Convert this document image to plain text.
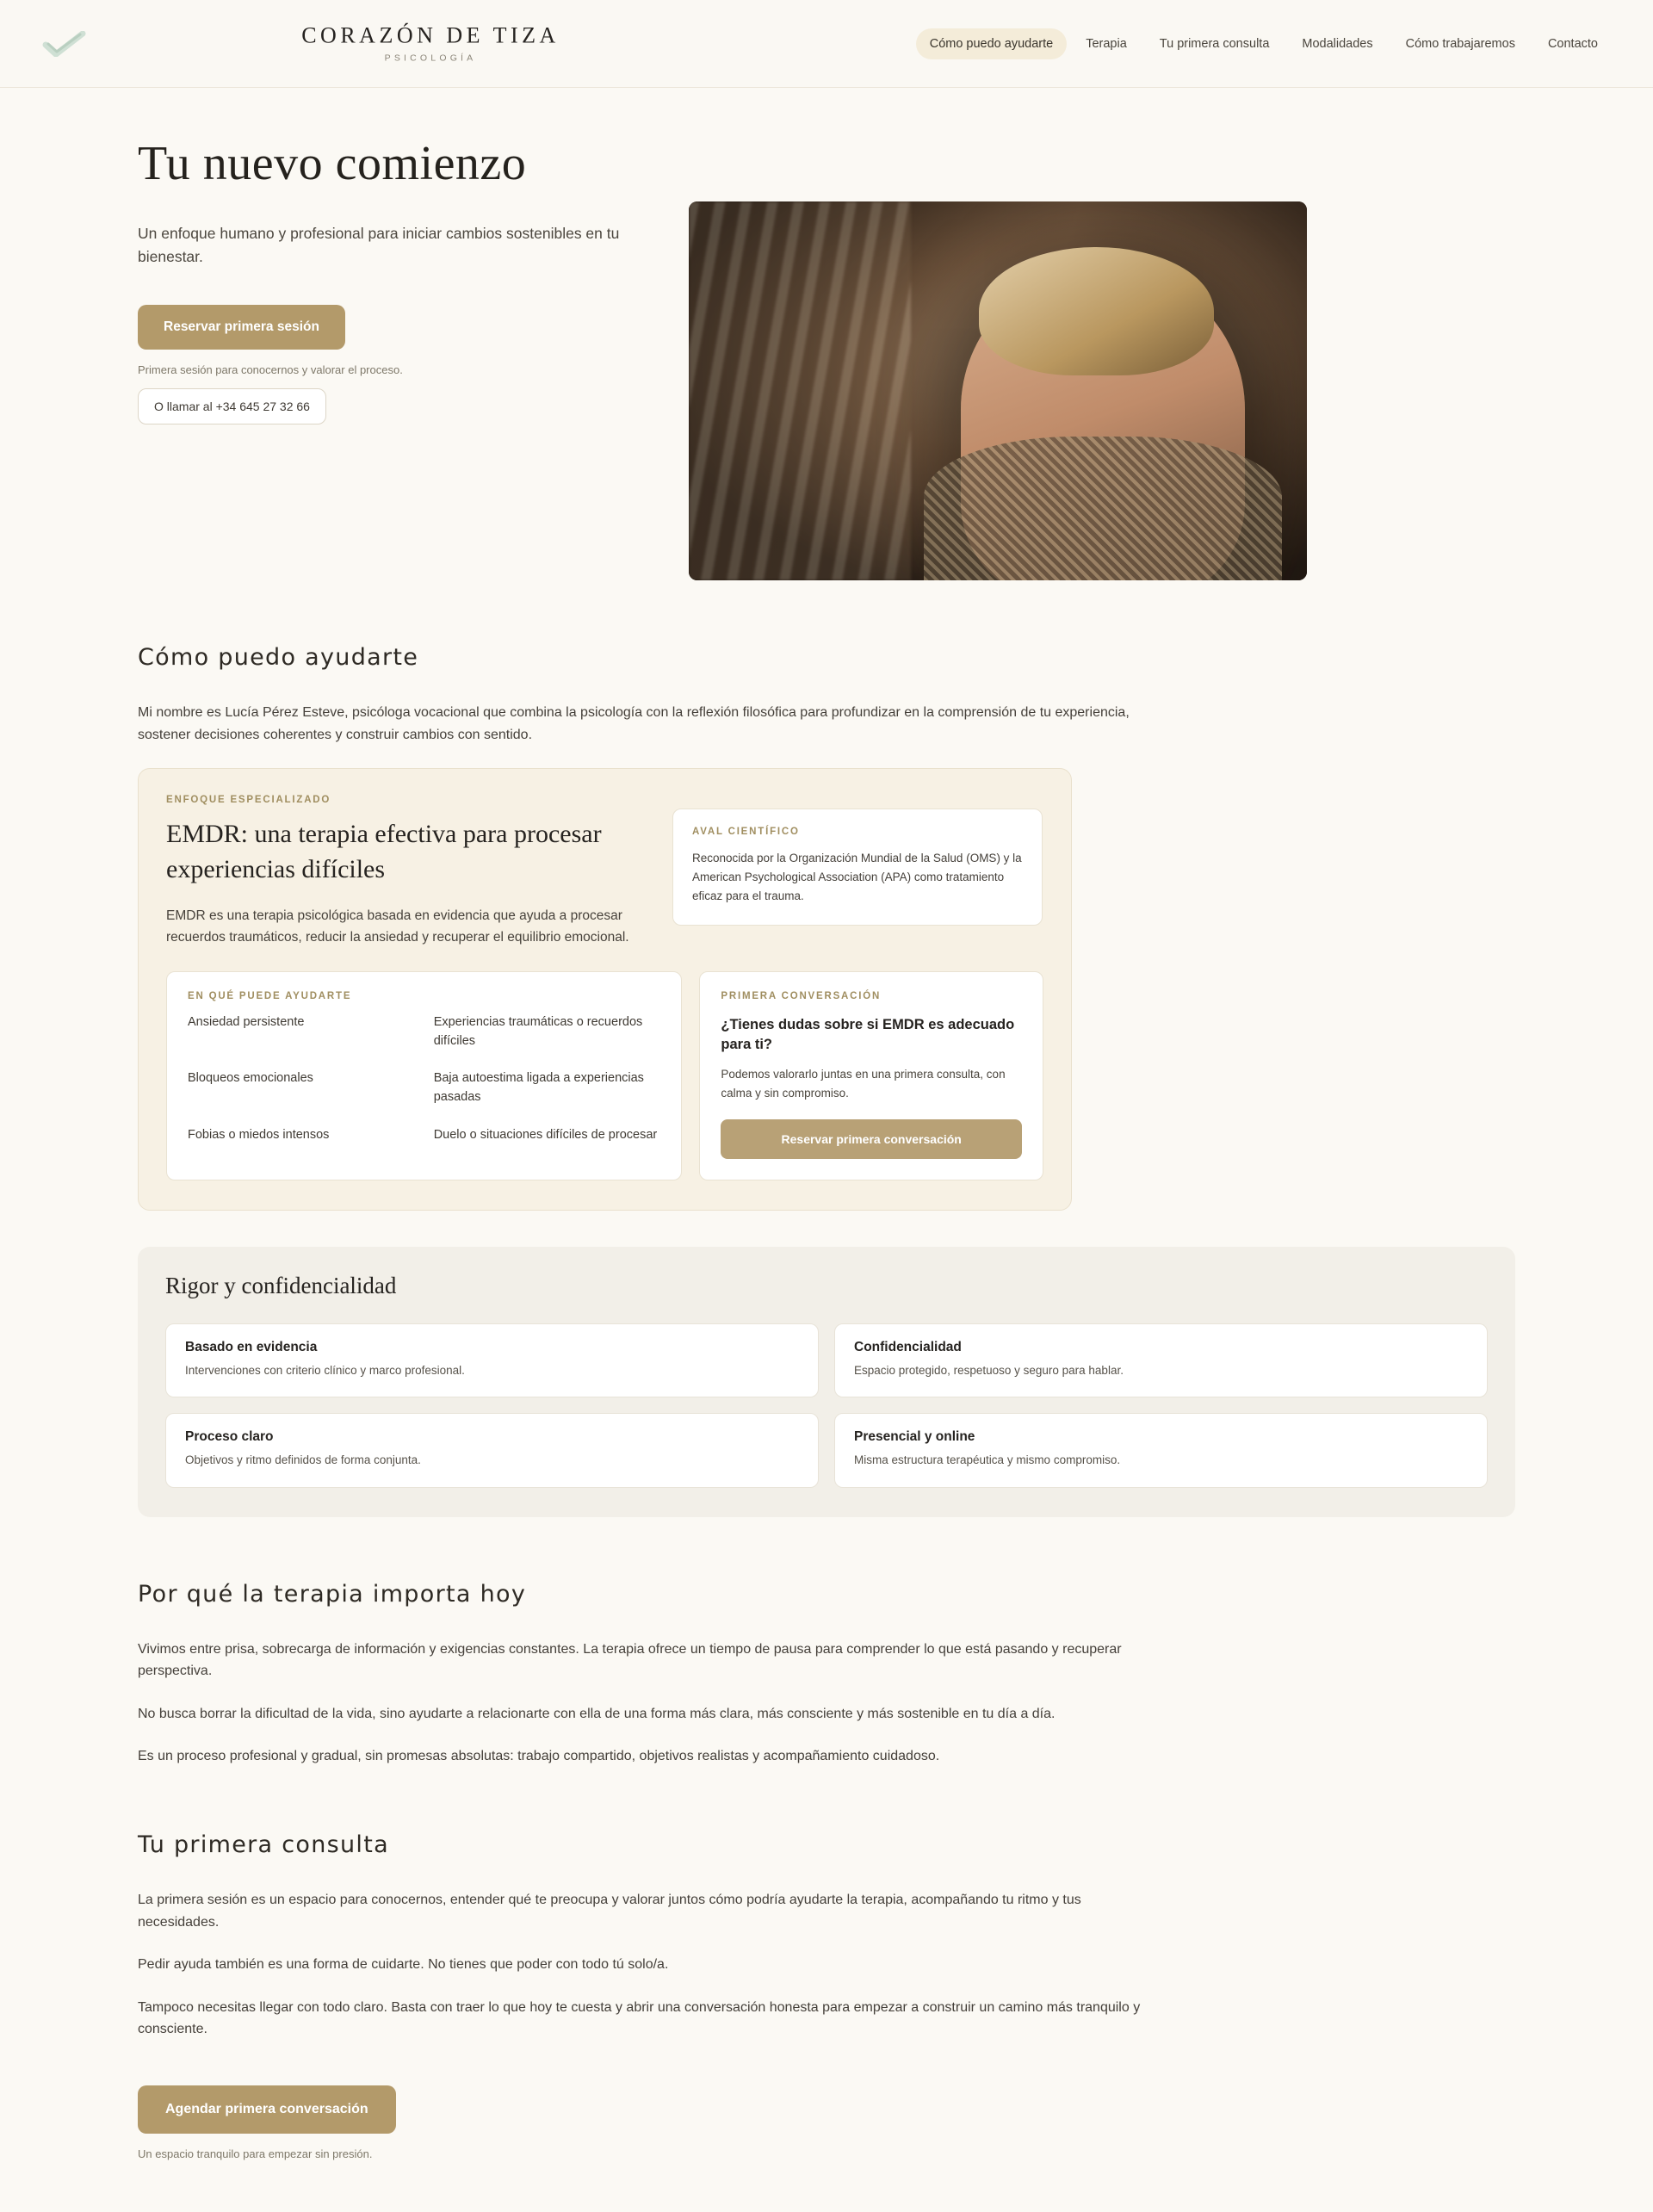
CORAZÓN DE TIZA
PSICOLOGÍA
Cómo puedo ayudarte	Terapia	Tu primera consulta	Modalidades	Cómo trabajaremos	Contacto
Tu nuevo comienzo

Un enfoque humano y profesional para iniciar cambios sostenibles en tu bienestar.

Reservar primera sesión
Primera sesión para conocernos y valorar el proceso.
O llamar al +34 645 27 32 66
Cómo puedo ayudarte

Mi nombre es Lucía Pérez Esteve, psicóloga vocacional que combina la psicología con la reflexión filosófica para profundizar en la comprensión de tu experiencia, sostener decisiones coherentes y construir cambios con sentido.

ENFOQUE ESPECIALIZADO
EMDR: una terapia efectiva para procesar experiencias difíciles

EMDR es una terapia psicológica basada en evidencia que ayuda a procesar recuerdos traumáticos, reducir la ansiedad y recuperar el equilibrio emocional.

AVAL CIENTÍFICO

Reconocida por la Organización Mundial de la Salud (OMS) y la American Psychological Association (APA) como tratamiento eficaz para el trauma.

EN QUÉ PUEDE AYUDARTE
Ansiedad persistente	Experiencias traumáticas o recuerdos difíciles
Bloqueos emocionales	Baja autoestima ligada a experiencias pasadas
Fobias o miedos intensos	Duelo o situaciones difíciles de procesar
PRIMERA CONVERSACIÓN
¿Tienes dudas sobre si EMDR es adecuado para ti?

Podemos valorarlo juntas en una primera consulta, con calma y sin compromiso.

Reservar primera conversación
Rigor y confidencialidad
Basado en evidencia

Intervenciones con criterio clínico y marco profesional.

Confidencialidad

Espacio protegido, respetuoso y seguro para hablar.

Proceso claro

Objetivos y ritmo definidos de forma conjunta.

Presencial y online

Misma estructura terapéutica y mismo compromiso.

Por qué la terapia importa hoy

Vivimos entre prisa, sobrecarga de información y exigencias constantes. La terapia ofrece un tiempo de pausa para comprender lo que está pasando y recuperar perspectiva.

No busca borrar la dificultad de la vida, sino ayudarte a relacionarte con ella de una forma más clara, más consciente y más sostenible en tu día a día.

Es un proceso profesional y gradual, sin promesas absolutas: trabajo compartido, objetivos realistas y acompañamiento cuidadoso.

Tu primera consulta

La primera sesión es un espacio para conocernos, entender qué te preocupa y valorar juntos cómo podría ayudarte la terapia, acompañando tu ritmo y tus necesidades.

Pedir ayuda también es una forma de cuidarte. No tienes que poder con todo tú solo/a.

Tampoco necesitas llegar con todo claro. Basta con traer lo que hoy te cuesta y abrir una conversación honesta para empezar a construir un camino más tranquilo y consciente.

Agendar primera conversación
Un espacio tranquilo para empezar sin presión.
